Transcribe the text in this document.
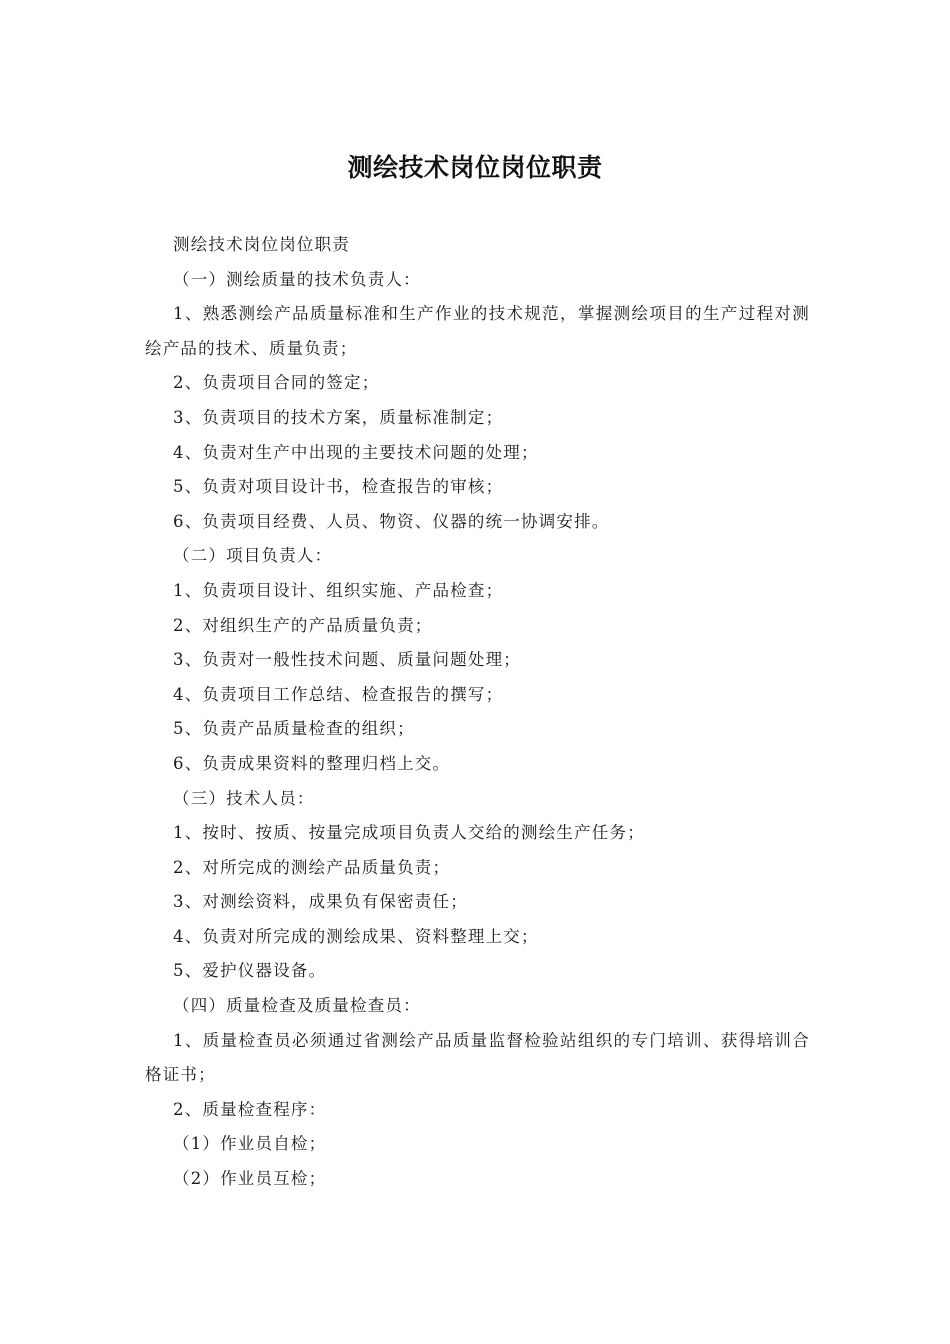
测绘技术岗位岗位职责

测绘技术岗位岗位职责

（一）测绘质量的技术负责人：

1、熟悉测绘产品质量标准和生产作业的技术规范，掌握测绘项目的生产过程对测绘产品的技术、质量负责；

2、负责项目合同的签定；

3、负责项目的技术方案，质量标准制定；

4、负责对生产中出现的主要技术问题的处理；

5、负责对项目设计书，检查报告的审核；

6、负责项目经费、人员、物资、仪器的统一协调安排。

（二）项目负责人：

1、负责项目设计、组织实施、产品检查；

2、对组织生产的产品质量负责；

3、负责对一般性技术问题、质量问题处理；

4、负责项目工作总结、检查报告的撰写；

5、负责产品质量检查的组织；

6、负责成果资料的整理归档上交。

（三）技术人员：

1、按时、按质、按量完成项目负责人交给的测绘生产任务；

2、对所完成的测绘产品质量负责；

3、对测绘资料，成果负有保密责任；

4、负责对所完成的测绘成果、资料整理上交；

5、爱护仪器设备。

（四）质量检查及质量检查员：

1、质量检查员必须通过省测绘产品质量监督检验站组织的专门培训、获得培训合格证书；

2、质量检查程序：

（1）作业员自检；

（2）作业员互检；
